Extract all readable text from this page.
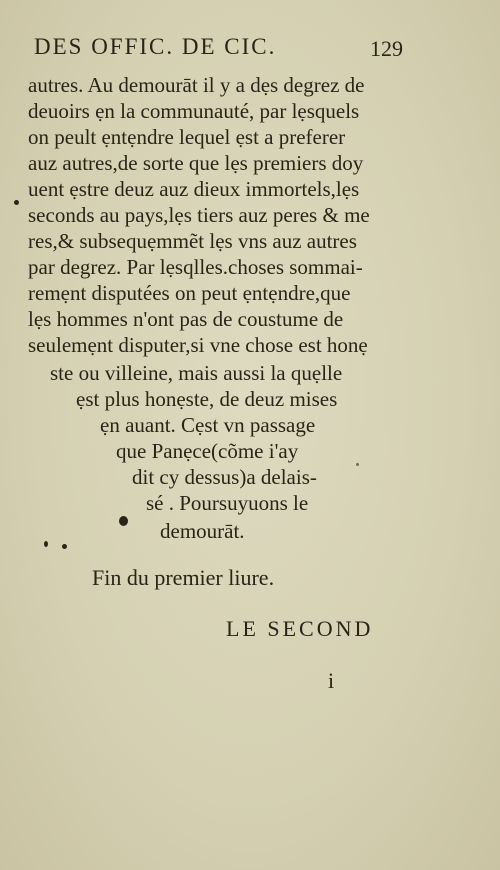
DES OFFIC. DE CIC.	129
autres. Au demourāt il y a dẹs degrez de
deuoirs ẹn la communauté, par lẹsquels
on peult ẹntẹndre lequel ẹst a preferer
auz autres,de sorte que lẹs premiers doy
uent ẹstre deuz auz dieux immortels,lẹs
seconds au pays,lẹs tiers auz peres & me
res,& subsequẹmmẽt lẹs vns auz autres
par degrez. Par lẹsqlles.choses sommai-
remẹnt disputées on peut ẹntẹndre,que
lẹs hommes n'ont pas de coustume de
seulemẹnt disputer,si vne chose est honẹ
ste ou villeine, mais aussi la quẹlle
ẹst plus honẹste, de deuz mises
ẹn auant. Cẹst vn passage
que Panẹce(cõme i'ay
dit cy dessus)a delais-
sé . Poursuyuons le
demourāt.
Fin du premier liure.
LE SECOND
i
